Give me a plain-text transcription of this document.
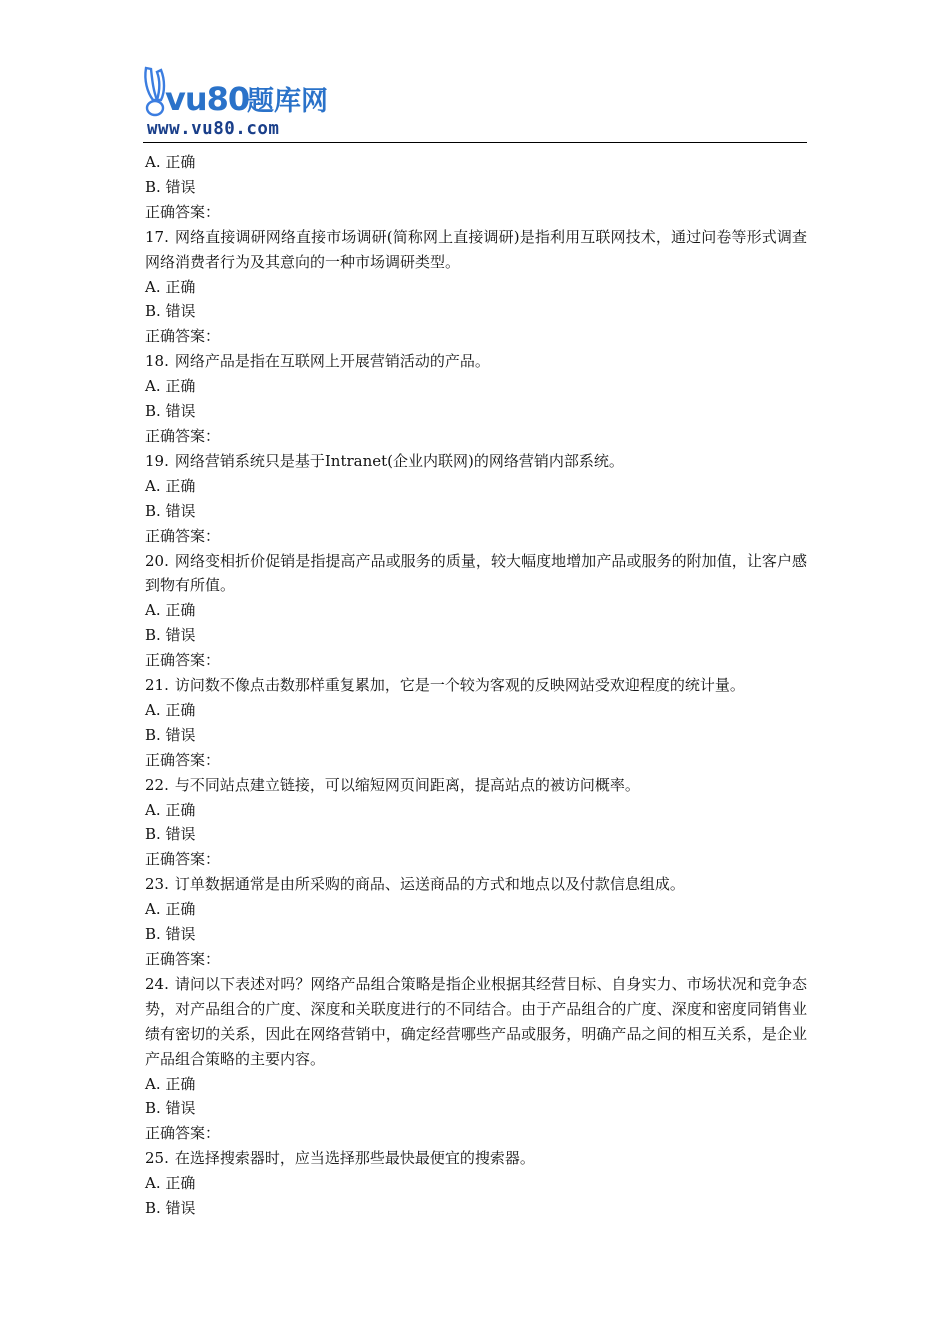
vu80
题库网
www.vu80.com
A. 正确
B. 错误
正确答案：
17. 网络直接调研网络直接市场调研(简称网上直接调研)是指利用互联网技术，通过问卷等形式调查网络消费者行为及其意向的一种市场调研类型。
A. 正确
B. 错误
正确答案：
18. 网络产品是指在互联网上开展营销活动的产品。
A. 正确
B. 错误
正确答案：
19. 网络营销系统只是基于Intranet(企业内联网)的网络营销内部系统。
A. 正确
B. 错误
正确答案：
20. 网络变相折价促销是指提高产品或服务的质量，较大幅度地增加产品或服务的附加值，让客户感到物有所值。
A. 正确
B. 错误
正确答案：
21. 访问数不像点击数那样重复累加，它是一个较为客观的反映网站受欢迎程度的统计量。
A. 正确
B. 错误
正确答案：
22. 与不同站点建立链接，可以缩短网页间距离，提高站点的被访问概率。
A. 正确
B. 错误
正确答案：
23. 订单数据通常是由所采购的商品、运送商品的方式和地点以及付款信息组成。
A. 正确
B. 错误
正确答案：
24. 请问以下表述对吗？网络产品组合策略是指企业根据其经营目标、自身实力、市场状况和竞争态势，对产品组合的广度、深度和关联度进行的不同结合。由于产品组合的广度、深度和密度同销售业绩有密切的关系，因此在网络营销中，确定经营哪些产品或服务，明确产品之间的相互关系，是企业产品组合策略的主要内容。
A. 正确
B. 错误
正确答案：
25. 在选择搜索器时，应当选择那些最快最便宜的搜索器。
A. 正确
B. 错误
